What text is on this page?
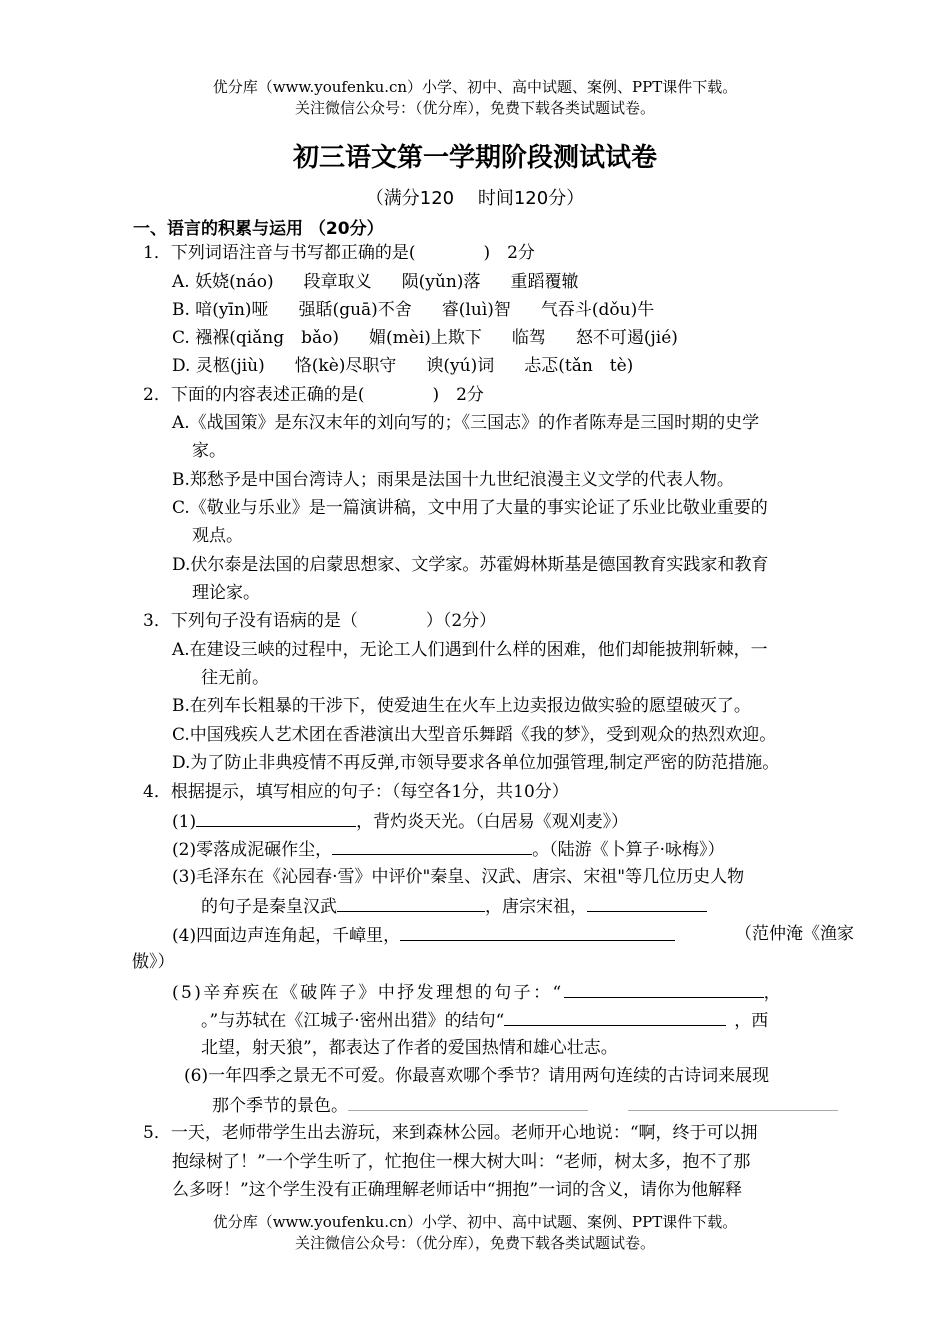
优分库（www.youfenku.cn）小学、初中、高中试题、案例、PPT课件下载。
关注微信公众号：（优分库），免费下载各类试题试卷。
初三语文第一学期阶段测试试卷
（满分120　 时间120分）
一、语言的积累与运用 （20分）
1．下列词语注音与书写都正确的是(　　　　)　2分
A. 妖娆(náo) 段章取义 陨(yǔn)落 重蹈覆辙
B. 喑(yīn)哑 强聒(guā)不舍 睿(luì)智 气吞斗(dǒu)牛
C. 襁褓(qiǎng　bǎo) 媚(mèi)上欺下 临驾 怒不可遏(jié)
D. 灵柩(jiù) 恪(kè)尽职守 谀(yú)词 忐忑(tǎn　tè)
2．下面的内容表述正确的是(　　　　)　2分
A.《战国策》是东汉末年的刘向写的；《三国志》的作者陈寿是三国时期的史学
家。
B.郑愁予是中国台湾诗人；雨果是法国十九世纪浪漫主义文学的代表人物。
C.《敬业与乐业》是一篇演讲稿，文中用了大量的事实论证了乐业比敬业重要的
观点。
D.伏尔泰是法国的启蒙思想家、文学家。苏霍姆林斯基是德国教育实践家和教育
理论家。
3．下列句子没有语病的是（　　　　）（2分）
A.在建设三峡的过程中，无论工人们遇到什么样的困难，他们却能披荆斩棘，一
往无前。
B.在列车长粗暴的干涉下，使爱迪生在火车上边卖报边做实验的愿望破灭了。
C.中国残疾人艺术团在香港演出大型音乐舞蹈《我的梦》，受到观众的热烈欢迎。
D.为了防止非典疫情不再反弹,市领导要求各单位加强管理,制定严密的防范措施。
4．根据提示，填写相应的句子：（每空各1分，共10分）
(1)	，背灼炎天光。（白居易《观刈麦》）
(2)零落成泥碾作尘，	。（陆游《卜算子·咏梅》）
(3)毛泽东在《沁园春·雪》中评价"秦皇、汉武、唐宗、宋祖"等几位历史人物
的句子是秦皇汉武	，唐宗宋祖，
(4)四面边声连角起，千嶂里，	（范仲淹《渔家
傲》）
(5)辛弃疾在《破阵子》中抒发理想的句子：“	，
。”与苏轼在《江城子·密州出猎》的结句“	，西
北望，射天狼”，都表达了作者的爱国热情和雄心壮志。
(6)一年四季之景无不可爱。你最喜欢哪个季节？请用两句连续的古诗词来展现
那个季节的景色。
5．一天，老师带学生出去游玩，来到森林公园。老师开心地说：“啊，终于可以拥
抱绿树了！”一个学生听了，忙抱住一棵大树大叫：“老师，树太多，抱不了那
么多呀！”这个学生没有正确理解老师话中“拥抱”一词的含义，请你为他解释
优分库（www.youfenku.cn）小学、初中、高中试题、案例、PPT课件下载。
关注微信公众号：（优分库），免费下载各类试题试卷。
